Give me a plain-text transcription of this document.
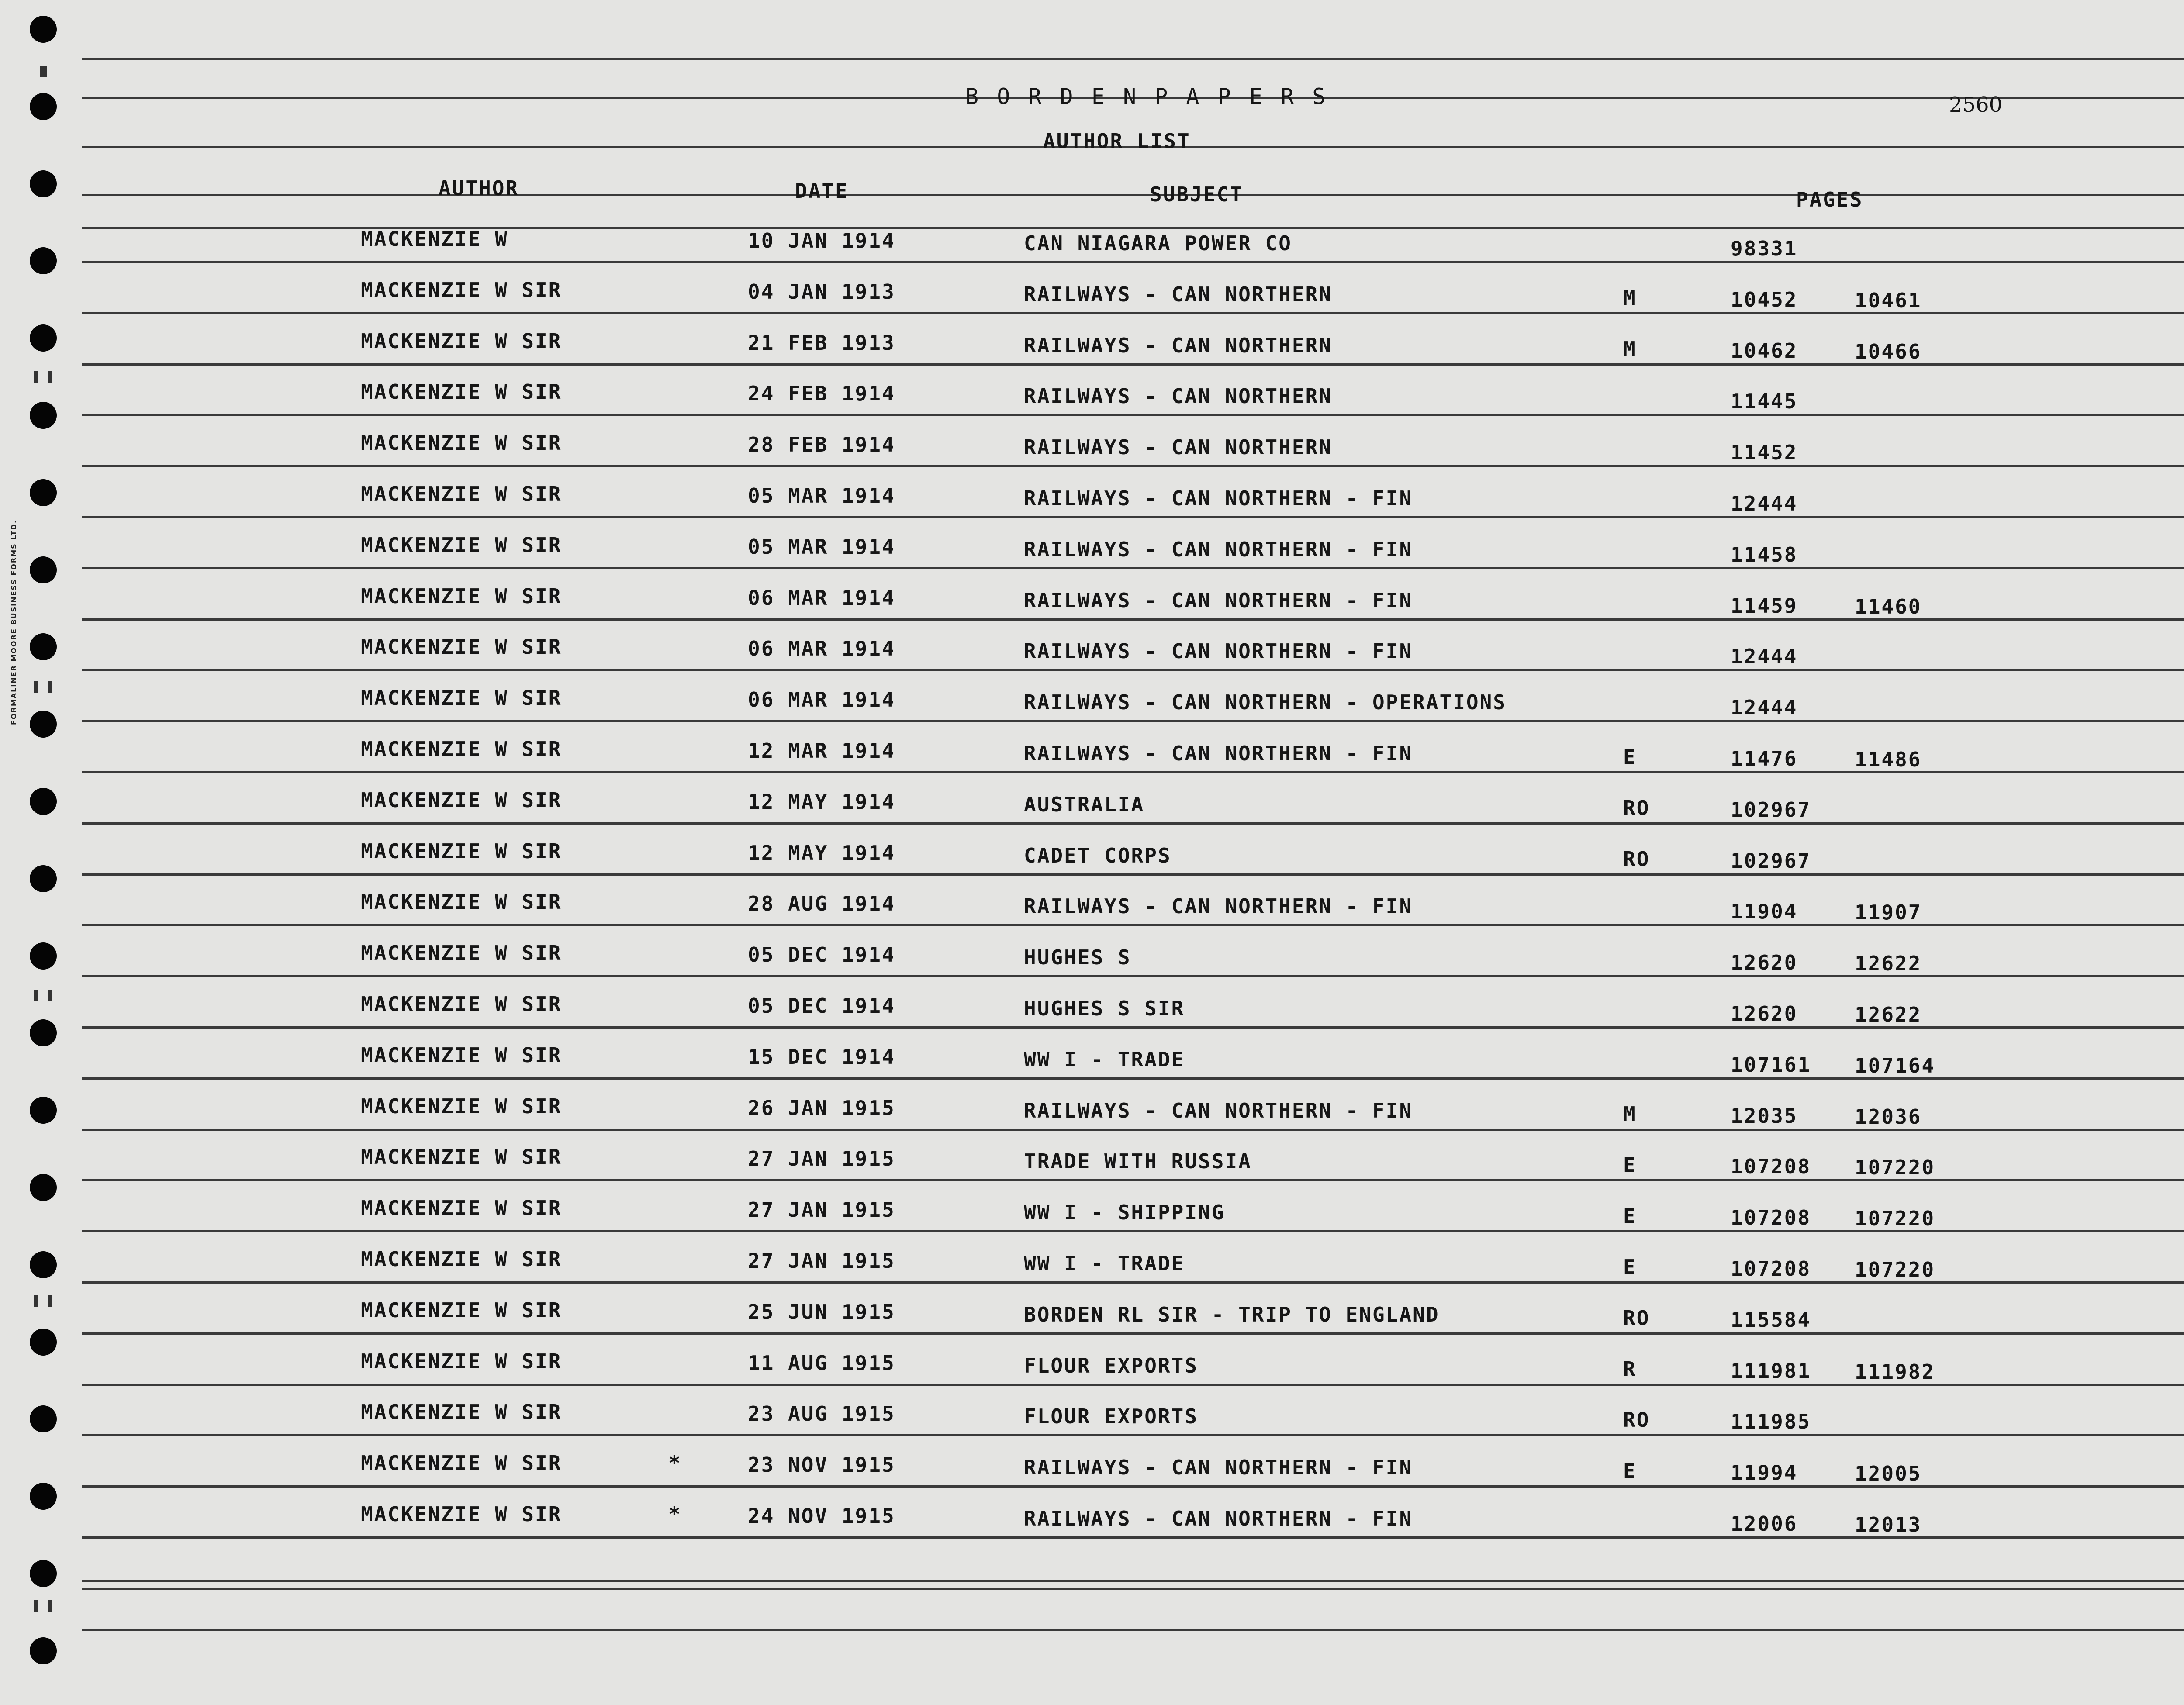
FORMALINER MOORE BUSINESS FORMS LTD.
B O R D E N P A P E R S	2560
AUTHOR LIST
AUTHOR	DATE	SUBJECT	PAGES
MACKENZIE W	10 JAN 1914	CAN NIAGARA POWER CO	98331
MACKENZIE W SIR	04 JAN 1913	RAILWAYS - CAN NORTHERN	M	10452	10461
MACKENZIE W SIR	21 FEB 1913	RAILWAYS - CAN NORTHERN	M	10462	10466
MACKENZIE W SIR	24 FEB 1914	RAILWAYS - CAN NORTHERN	11445
MACKENZIE W SIR	28 FEB 1914	RAILWAYS - CAN NORTHERN	11452
MACKENZIE W SIR	05 MAR 1914	RAILWAYS - CAN NORTHERN - FIN	12444
MACKENZIE W SIR	05 MAR 1914	RAILWAYS - CAN NORTHERN - FIN	11458
MACKENZIE W SIR	06 MAR 1914	RAILWAYS - CAN NORTHERN - FIN	11459	11460
MACKENZIE W SIR	06 MAR 1914	RAILWAYS - CAN NORTHERN - FIN	12444
MACKENZIE W SIR	06 MAR 1914	RAILWAYS - CAN NORTHERN - OPERATIONS	12444
MACKENZIE W SIR	12 MAR 1914	RAILWAYS - CAN NORTHERN - FIN	E	11476	11486
MACKENZIE W SIR	12 MAY 1914	AUSTRALIA	RO	102967
MACKENZIE W SIR	12 MAY 1914	CADET CORPS	RO	102967
MACKENZIE W SIR	28 AUG 1914	RAILWAYS - CAN NORTHERN - FIN	11904	11907
MACKENZIE W SIR	05 DEC 1914	HUGHES S	12620	12622
MACKENZIE W SIR	05 DEC 1914	HUGHES S SIR	12620	12622
MACKENZIE W SIR	15 DEC 1914	WW I - TRADE	107161 107164
MACKENZIE W SIR	26 JAN 1915	RAILWAYS - CAN NORTHERN - FIN	M	12035	12036
MACKENZIE W SIR	27 JAN 1915	TRADE WITH RUSSIA	E	107208 107220
MACKENZIE W SIR	27 JAN 1915	WW I - SHIPPING	E	107208 107220
MACKENZIE W SIR	27 JAN 1915	WW I - TRADE	E	107208 107220
MACKENZIE W SIR	25 JUN 1915	BORDEN RL SIR - TRIP TO ENGLAND	RO	115584
MACKENZIE W SIR	11 AUG 1915	FLOUR EXPORTS	R	111981 111982
MACKENZIE W SIR	23 AUG 1915	FLOUR EXPORTS	RO	111985
MACKENZIE W SIR	*	23 NOV 1915	RAILWAYS - CAN NORTHERN - FIN	E	11994	12005
MACKENZIE W SIR	*	24 NOV 1915	RAILWAYS - CAN NORTHERN - FIN	12006	12013
